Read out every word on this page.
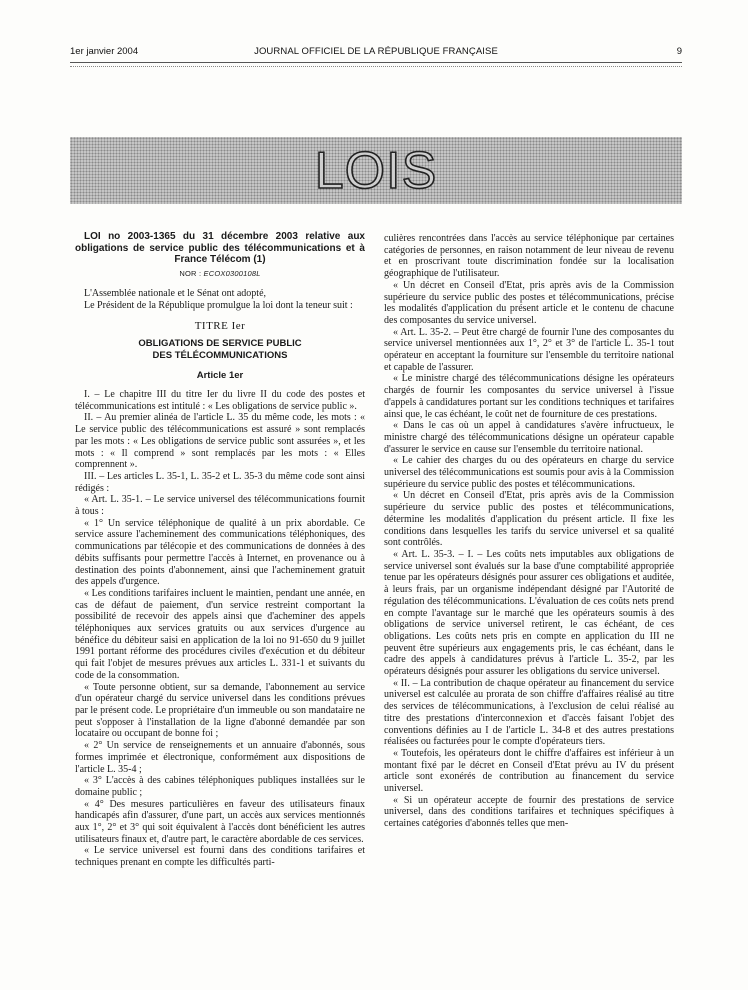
1er janvier 2004	JOURNAL OFFICIEL DE LA RÉPUBLIQUE FRANÇAISE	9
LOIS

LOI no 2003-1365 du 31 décembre 2003 relative aux obligations de service public des télécommunications et à France Télécom (1)

NOR : ECOX0300108L

L'Assemblée nationale et le Sénat ont adopté,

Le Président de la République promulgue la loi dont la teneur suit :

TITRE Ier
OBLIGATIONS DE SERVICE PUBLIC
DES TÉLÉCOMMUNICATIONS
Article 1er

I. – Le chapitre III du titre Ier du livre II du code des postes et télécommunications est intitulé : « Les obligations de service public ».

II. – Au premier alinéa de l'article L. 35 du même code, les mots : « Le service public des télécommunications est assuré » sont remplacés par les mots : « Les obligations de service public sont assurées », et les mots : « Il comprend » sont remplacés par les mots : « Elles comprennent ».

III. – Les articles L. 35-1, L. 35-2 et L. 35-3 du même code sont ainsi rédigés :

« Art. L. 35-1. – Le service universel des télécommunications fournit à tous :

« 1° Un service téléphonique de qualité à un prix abordable. Ce service assure l'acheminement des communications téléphoniques, des communications par télécopie et des communications de données à des débits suffisants pour permettre l'accès à Internet, en provenance ou à destination des points d'abonnement, ainsi que l'acheminement gratuit des appels d'urgence.

« Les conditions tarifaires incluent le maintien, pendant une année, en cas de défaut de paiement, d'un service restreint comportant la possibilité de recevoir des appels ainsi que d'acheminer des appels téléphoniques aux services gratuits ou aux services d'urgence au bénéfice du débiteur saisi en application de la loi no 91-650 du 9 juillet 1991 portant réforme des procédures civiles d'exécution et du débiteur qui fait l'objet de mesures prévues aux articles L. 331-1 et suivants du code de la consommation.

« Toute personne obtient, sur sa demande, l'abonnement au service d'un opérateur chargé du service universel dans les conditions prévues par le présent code. Le propriétaire d'un immeuble ou son mandataire ne peut s'opposer à l'installation de la ligne d'abonné demandée par son locataire ou occupant de bonne foi ;

« 2° Un service de renseignements et un annuaire d'abonnés, sous formes imprimée et électronique, conformément aux dispositions de l'article L. 35-4 ;

« 3° L'accès à des cabines téléphoniques publiques installées sur le domaine public ;

« 4° Des mesures particulières en faveur des utilisateurs finaux handicapés afin d'assurer, d'une part, un accès aux services mentionnés aux 1°, 2° et 3° qui soit équivalent à l'accès dont bénéficient les autres utilisateurs finaux et, d'autre part, le caractère abordable de ces services.

« Le service universel est fourni dans des conditions tarifaires et techniques prenant en compte les difficultés parti-

culières rencontrées dans l'accès au service téléphonique par certaines catégories de personnes, en raison notamment de leur niveau de revenu et en proscrivant toute discrimination fondée sur la localisation géographique de l'utilisateur.

« Un décret en Conseil d'Etat, pris après avis de la Commission supérieure du service public des postes et télécommunications, précise les modalités d'application du présent article et le contenu de chacune des composantes du service universel.

« Art. L. 35-2. – Peut être chargé de fournir l'une des composantes du service universel mentionnées aux 1°, 2° et 3° de l'article L. 35-1 tout opérateur en acceptant la fourniture sur l'ensemble du territoire national et capable de l'assurer.

« Le ministre chargé des télécommunications désigne les opérateurs chargés de fournir les composantes du service universel à l'issue d'appels à candidatures portant sur les conditions techniques et tarifaires ainsi que, le cas échéant, le coût net de fourniture de ces prestations.

« Dans le cas où un appel à candidatures s'avère infructueux, le ministre chargé des télécommunications désigne un opérateur capable d'assurer le service en cause sur l'ensemble du territoire national.

« Le cahier des charges du ou des opérateurs en charge du service universel des télécommunications est soumis pour avis à la Commission supérieure du service public des postes et télécommunications.

« Un décret en Conseil d'Etat, pris après avis de la Commission supérieure du service public des postes et télécommunications, détermine les modalités d'application du présent article. Il fixe les conditions dans lesquelles les tarifs du service universel et sa qualité sont contrôlés.

« Art. L. 35-3. – I. – Les coûts nets imputables aux obligations de service universel sont évalués sur la base d'une comptabilité appropriée tenue par les opérateurs désignés pour assurer ces obligations et auditée, à leurs frais, par un organisme indépendant désigné par l'Autorité de régulation des télécommunications. L'évaluation de ces coûts nets prend en compte l'avantage sur le marché que les opérateurs soumis à des obligations de service universel retirent, le cas échéant, de ces obligations. Les coûts nets pris en compte en application du III ne peuvent être supérieurs aux engagements pris, le cas échéant, dans le cadre des appels à candidatures prévus à l'article L. 35-2, par les opérateurs désignés pour assurer les obligations du service universel.

« II. – La contribution de chaque opérateur au financement du service universel est calculée au prorata de son chiffre d'affaires réalisé au titre des services de télécommunications, à l'exclusion de celui réalisé au titre des prestations d'interconnexion et d'accès faisant l'objet des conventions définies au I de l'article L. 34-8 et des autres prestations réalisées ou facturées pour le compte d'opérateurs tiers.

« Toutefois, les opérateurs dont le chiffre d'affaires est inférieur à un montant fixé par le décret en Conseil d'Etat prévu au IV du présent article sont exonérés de contribution au financement du service universel.

« Si un opérateur accepte de fournir des prestations de service universel, dans des conditions tarifaires et techniques spécifiques à certaines catégories d'abonnés telles que men-
